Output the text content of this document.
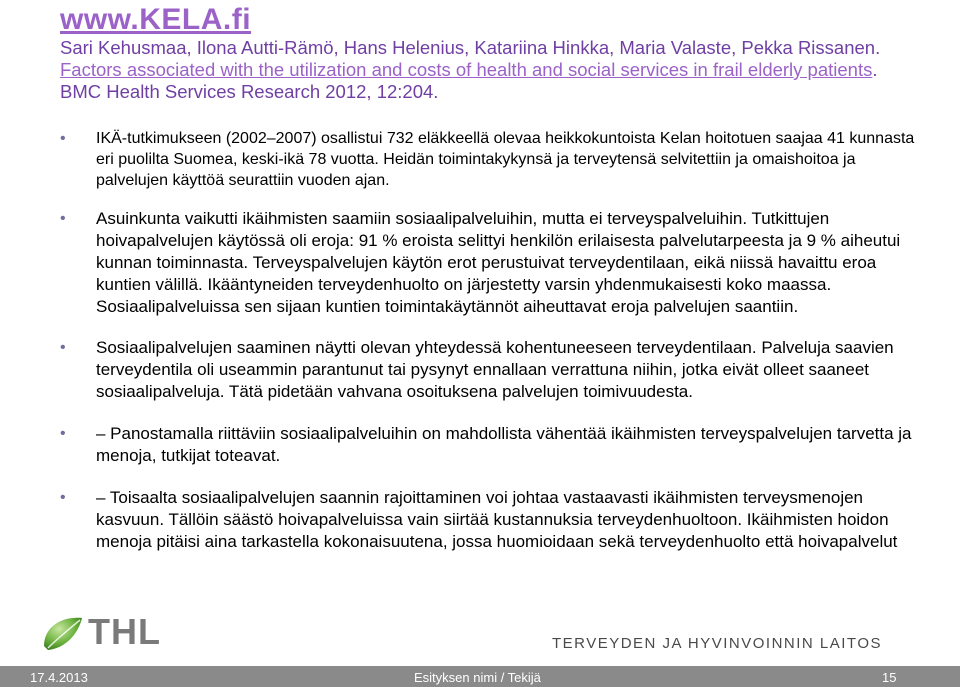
www.KELA.fi
Sari Kehusmaa, Ilona Autti-Rämö, Hans Helenius, Katariina Hinkka, Maria Valaste, Pekka Rissanen. Factors associated with the utilization and costs of health and social services in frail elderly patients. BMC Health Services Research 2012, 12:204.
• IKÄ-tutkimukseen (2002–2007) osallistui 732 eläkkeellä olevaa heikkokuntoista Kelan hoitotuen saajaa 41 kunnasta eri puolilta Suomea, keski-ikä 78 vuotta. Heidän toimintakykynsä ja terveytensä selvitettiin ja omaishoitoa ja palvelujen käyttöä seurattiin vuoden ajan.
• Asuinkunta vaikutti ikäihmisten saamiin sosiaalipalveluihin, mutta ei terveyspalveluihin. Tutkittujen hoivapalvelujen käytössä oli eroja: 91 % eroista selittyi henkilön erilaisesta palvelutarpeesta ja 9 % aiheutui kunnan toiminnasta. Terveyspalvelujen käytön erot perustuivat terveydentilaan, eikä niissä havaittu eroa kuntien välillä. Ikääntyneiden terveydenhuolto on järjestetty varsin yhdenmukaisesti koko maassa. Sosiaalipalveluissa sen sijaan kuntien toimintakäytännöt aiheuttavat eroja palvelujen saantiin.
• Sosiaalipalvelujen saaminen näytti olevan yhteydessä kohentuneeseen terveydentilaan. Palveluja saavien terveydentila oli useammin parantunut tai pysynyt ennallaan verrattuna niihin, jotka eivät olleet saaneet sosiaalipalveluja. Tätä pidetään vahvana osoituksena palvelujen toimivuudesta.
• – Panostamalla riittäviin sosiaalipalveluihin on mahdollista vähentää ikäihmisten terveyspalvelujen tarvetta ja menoja, tutkijat toteavat.
• – Toisaalta sosiaalipalvelujen saannin rajoittaminen voi johtaa vastaavasti ikäihmisten terveysmenojen kasvuun. Tällöin säästö hoivapalveluissa vain siirtää kustannuksia terveydenhuoltoon. Ikäihmisten hoidon menoja pitäisi aina tarkastella kokonaisuutena, jossa huomioidaan sekä terveydenhuolto että hoivapalvelut
THL	TERVEYDEN JA HYVINVOINNIN LAITOS
17.4.2013	Esityksen nimi / Tekijä	15
